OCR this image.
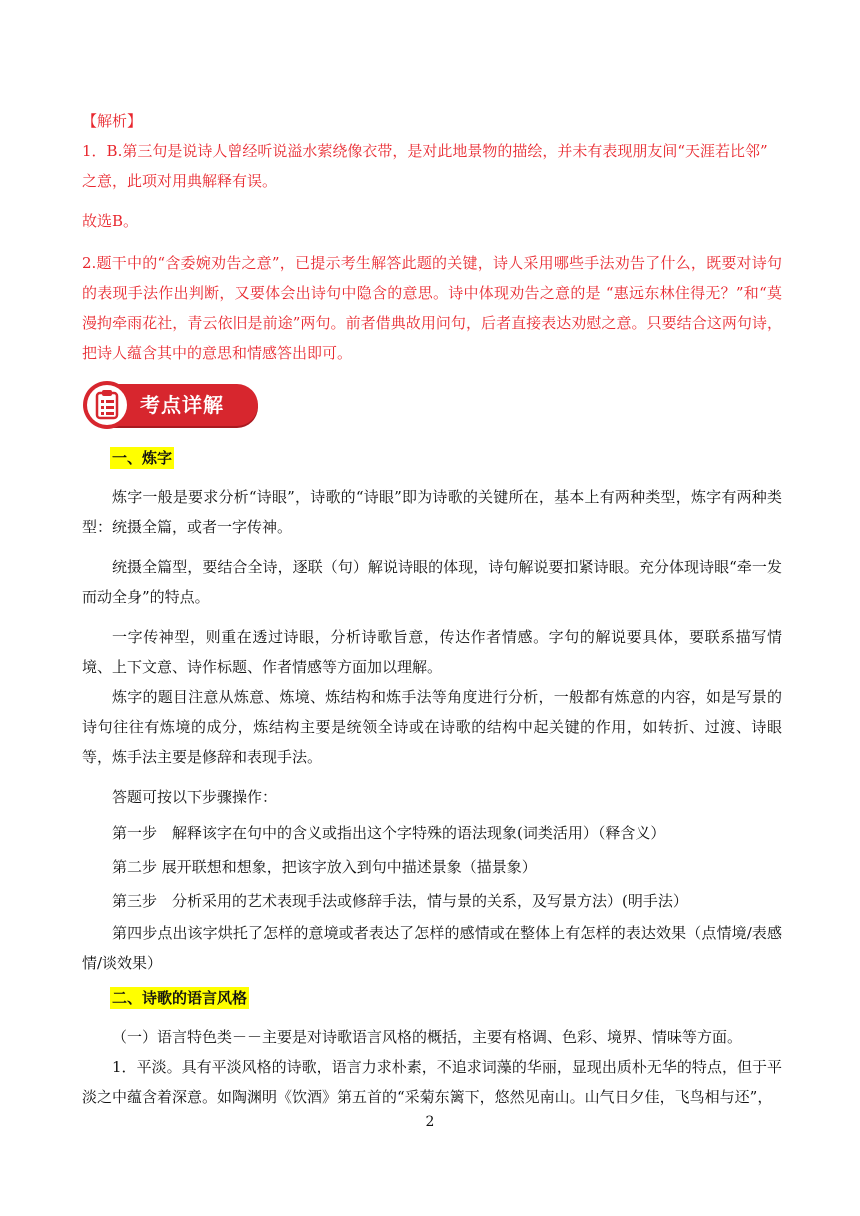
【解析】

1．B.第三句是说诗人曾经听说溢水萦绕像衣带，是对此地景物的描绘，并未有表现朋友间“天涯若比邻”

之意，此项对用典解释有误。

故选B。

2.题干中的“含委婉劝告之意”，已提示考生解答此题的关键，诗人采用哪些手法劝告了什么，既要对诗句的表现手法作出判断，又要体会出诗句中隐含的意思。诗中体现劝告之意的是 “惠远东林住得无？”和“莫漫拘牵雨花社，青云依旧是前途”两句。前者借典故用问句，后者直接表达劝慰之意。只要结合这两句诗，把诗人蕴含其中的意思和情感答出即可。

考点详解
一、炼字

炼字一般是要求分析“诗眼”，诗歌的“诗眼”即为诗歌的关键所在，基本上有两种类型，炼字有两种类型：统摄全篇，或者一字传神。

统摄全篇型，要结合全诗，逐联（句）解说诗眼的体现，诗句解说要扣紧诗眼。充分体现诗眼“牵一发而动全身”的特点。

一字传神型，则重在透过诗眼，分析诗歌旨意，传达作者情感。字句的解说要具体，要联系描写情境、上下文意、诗作标题、作者情感等方面加以理解。

炼字的题目注意从炼意、炼境、炼结构和炼手法等角度进行分析，一般都有炼意的内容，如是写景的诗句往往有炼境的成分，炼结构主要是统领全诗或在诗歌的结构中起关键的作用，如转折、过渡、诗眼等，炼手法主要是修辞和表现手法。

答题可按以下步骤操作：

第一步　解释该字在句中的含义或指出这个字特殊的语法现象(词类活用）（释含义）

第二步 展开联想和想象，把该字放入到句中描述景象（描景象）

第三步　分析采用的艺术表现手法或修辞手法，情与景的关系，及写景方法）(明手法）

第四步点出该字烘托了怎样的意境或者表达了怎样的感情或在整体上有怎样的表达效果（点情境/表感情/谈效果）

二、诗歌的语言风格

（一）语言特色类－－主要是对诗歌语言风格的概括，主要有格调、色彩、境界、情味等方面。

1．平淡。具有平淡风格的诗歌，语言力求朴素，不追求词藻的华丽，显现出质朴无华的特点，但于平淡之中蕴含着深意。如陶渊明《饮酒》第五首的“采菊东篱下，悠然见南山。山气日夕佳，飞鸟相与还”，

2
